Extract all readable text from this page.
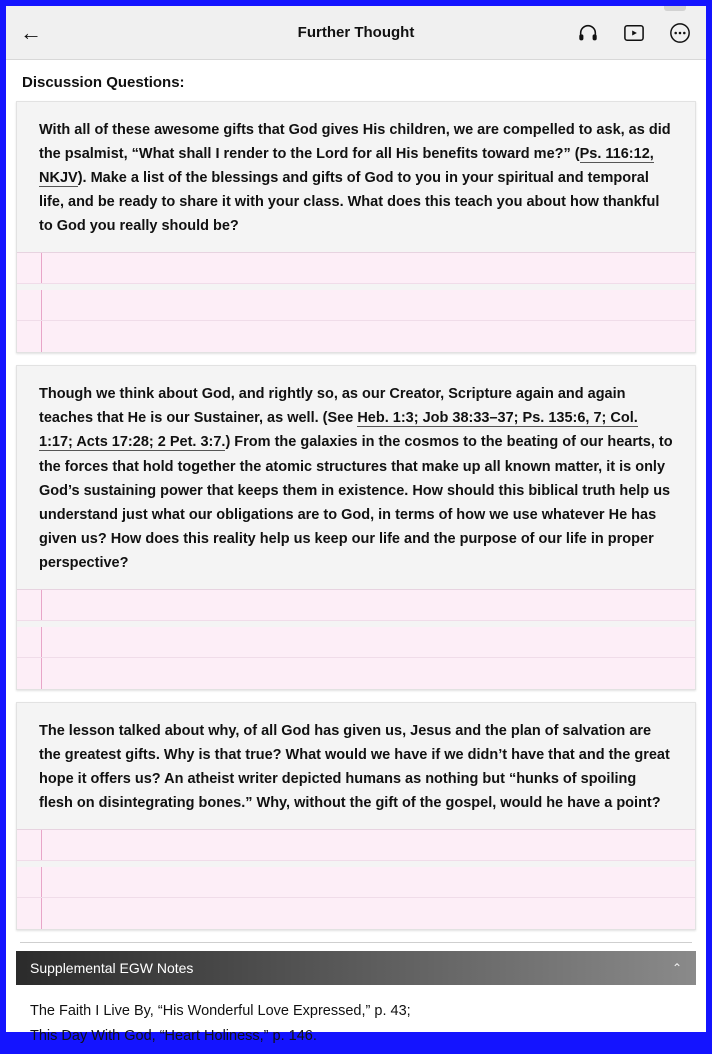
←	Further Thought
Discussion Questions:
With all of these awesome gifts that God gives His children, we are compelled to ask, as did the psalmist, “What shall I render to the Lord for all His benefits toward me?” (Ps. 116:12, NKJV). Make a list of the blessings and gifts of God to you in your spiritual and temporal life, and be ready to share it with your class. What does this teach you about how thankful to God you really should be?
Though we think about God, and rightly so, as our Creator, Scripture again and again teaches that He is our Sustainer, as well. (See Heb. 1:3; Job 38:33–37; Ps. 135:6, 7; Col. 1:17; Acts 17:28; 2 Pet. 3:7.) From the galaxies in the cosmos to the beating of our hearts, to the forces that hold together the atomic structures that make up all known matter, it is only God’s sustaining power that keeps them in existence. How should this biblical truth help us understand just what our obligations are to God, in terms of how we use whatever He has given us? How does this reality help us keep our life and the purpose of our life in proper perspective?
The lesson talked about why, of all God has given us, Jesus and the plan of salvation are the greatest gifts. Why is that true? What would we have if we didn’t have that and the great hope it offers us? An atheist writer depicted humans as nothing but “hunks of spoiling flesh on disintegrating bones.” Why, without the gift of the gospel, would he have a point?
Supplemental EGW Notes	⌃
The Faith I Live By, “His Wonderful Love Expressed,” p. 43;
This Day With God, “Heart Holiness,” p. 146.
